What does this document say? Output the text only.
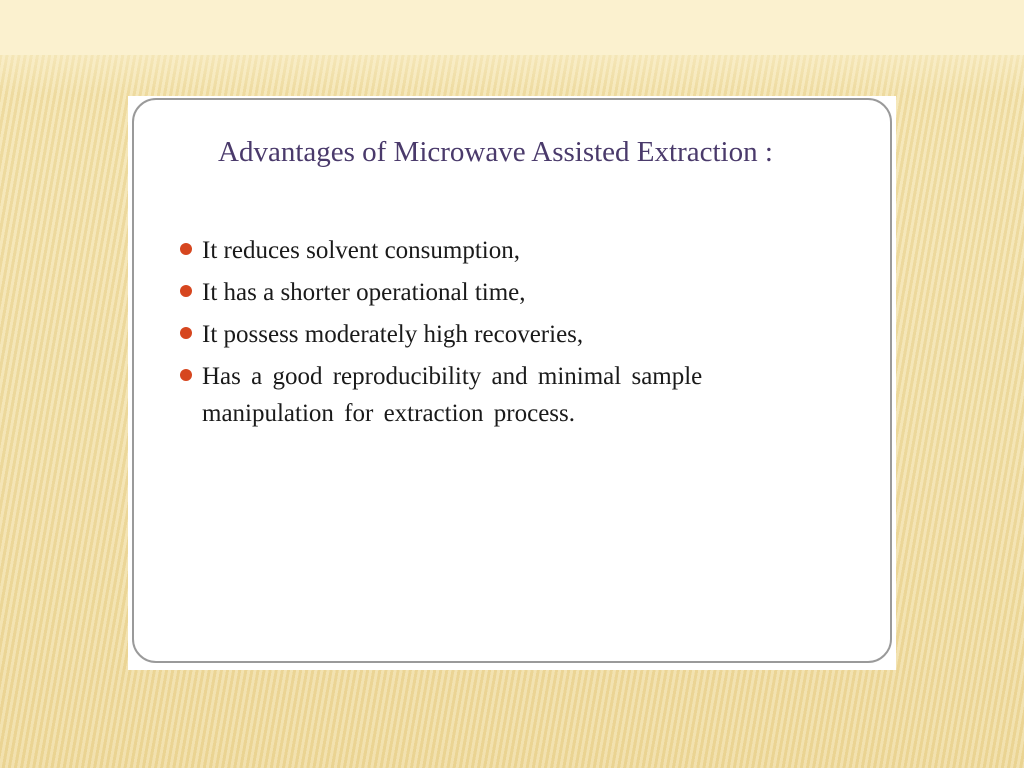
Advantages of Microwave Assisted Extraction :
It reduces solvent consumption,
It has a shorter operational time,
It possess moderately high recoveries,
Has a good reproducibility and minimal sample manipulation for extraction process.
